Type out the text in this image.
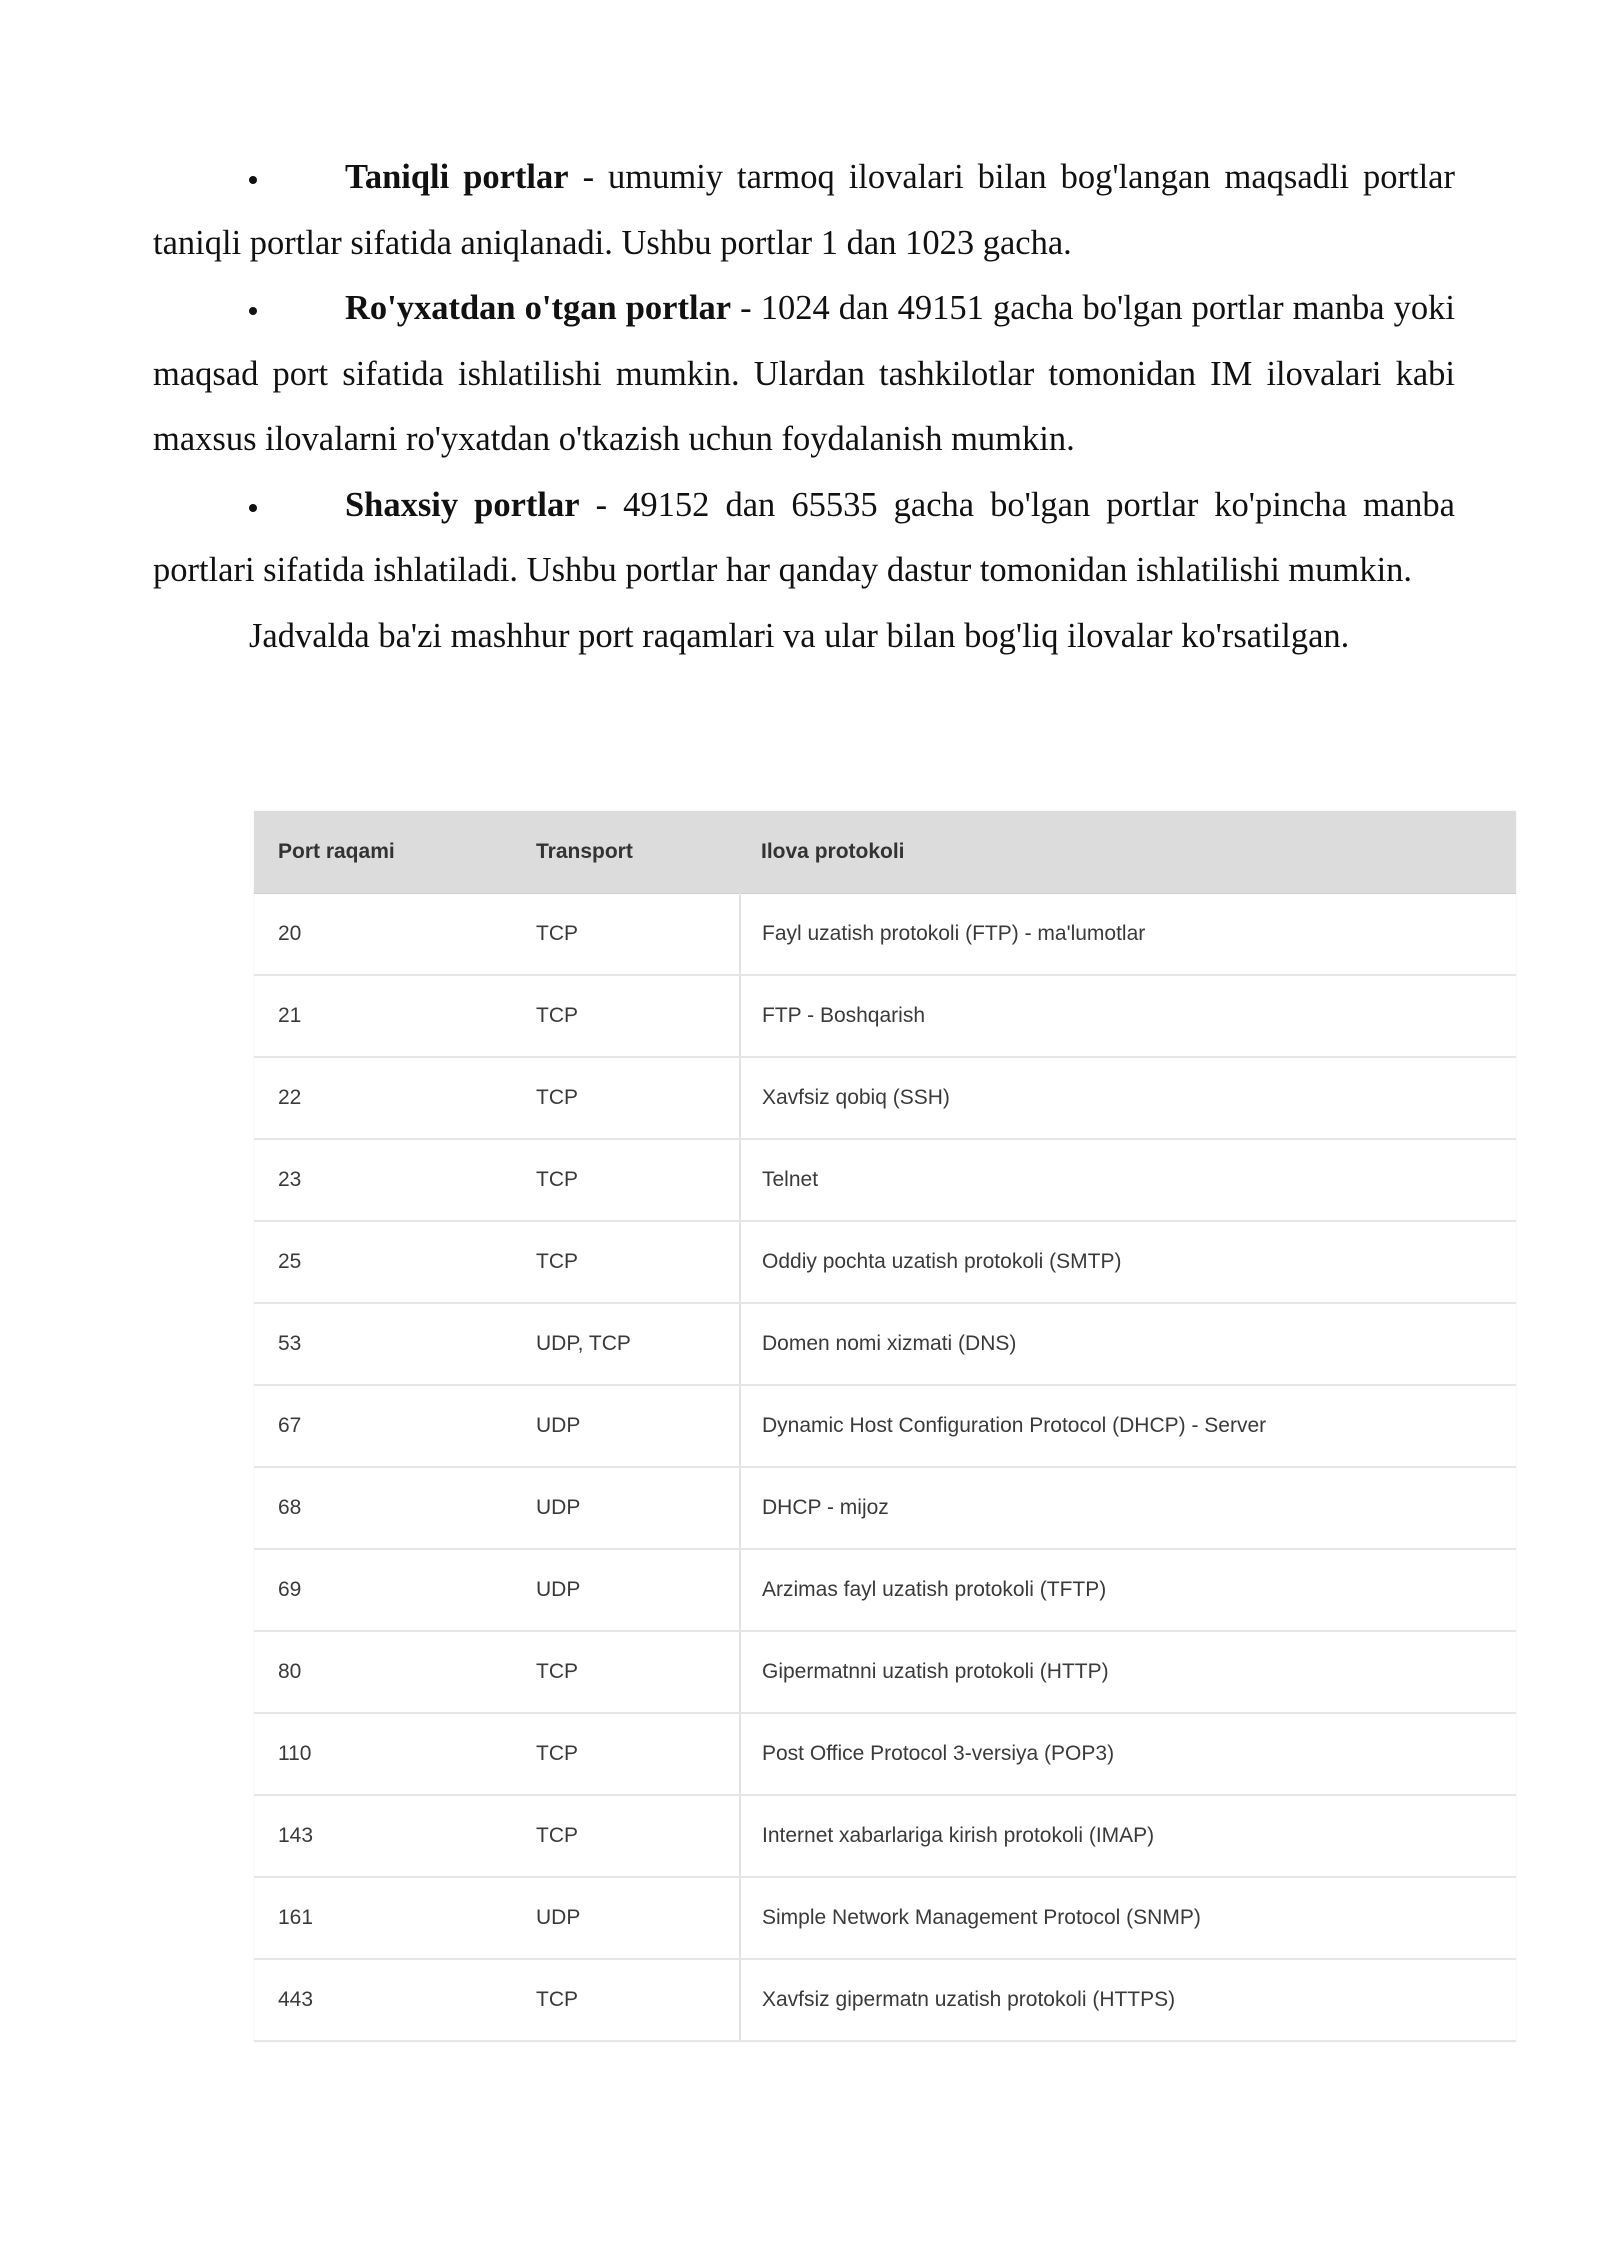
Taniqli portlar - umumiy tarmoq ilovalari bilan bog'langan maqsadli portlar taniqli portlar sifatida aniqlanadi. Ushbu portlar 1 dan 1023 gacha.

Ro'yxatdan o'tgan portlar - 1024 dan 49151 gacha bo'lgan portlar manba yoki maqsad port sifatida ishlatilishi mumkin. Ulardan tashkilotlar tomonidan IM ilovalari kabi maxsus ilovalarni ro'yxatdan o'tkazish uchun foydalanish mumkin.

Shaxsiy portlar - 49152 dan 65535 gacha bo'lgan portlar ko'pincha manba portlari sifatida ishlatiladi. Ushbu portlar har qanday dastur tomonidan ishlatilishi mumkin.

Jadvalda ba'zi mashhur port raqamlari va ular bilan bog'liq ilovalar ko'rsatilgan.

Port raqami	Transport	Ilova protokoli
20	TCP	Fayl uzatish protokoli (FTP) - ma'lumotlar
21	TCP	FTP - Boshqarish
22	TCP	Xavfsiz qobiq (SSH)
23	TCP	Telnet
25	TCP	Oddiy pochta uzatish protokoli (SMTP)
53	UDP, TCP	Domen nomi xizmati (DNS)
67	UDP	Dynamic Host Configuration Protocol (DHCP) - Server
68	UDP	DHCP - mijoz
69	UDP	Arzimas fayl uzatish protokoli (TFTP)
80	TCP	Gipermatnni uzatish protokoli (HTTP)
110	TCP	Post Office Protocol 3-versiya (POP3)
143	TCP	Internet xabarlariga kirish protokoli (IMAP)
161	UDP	Simple Network Management Protocol (SNMP)
443	TCP	Xavfsiz gipermatn uzatish protokoli (HTTPS)
